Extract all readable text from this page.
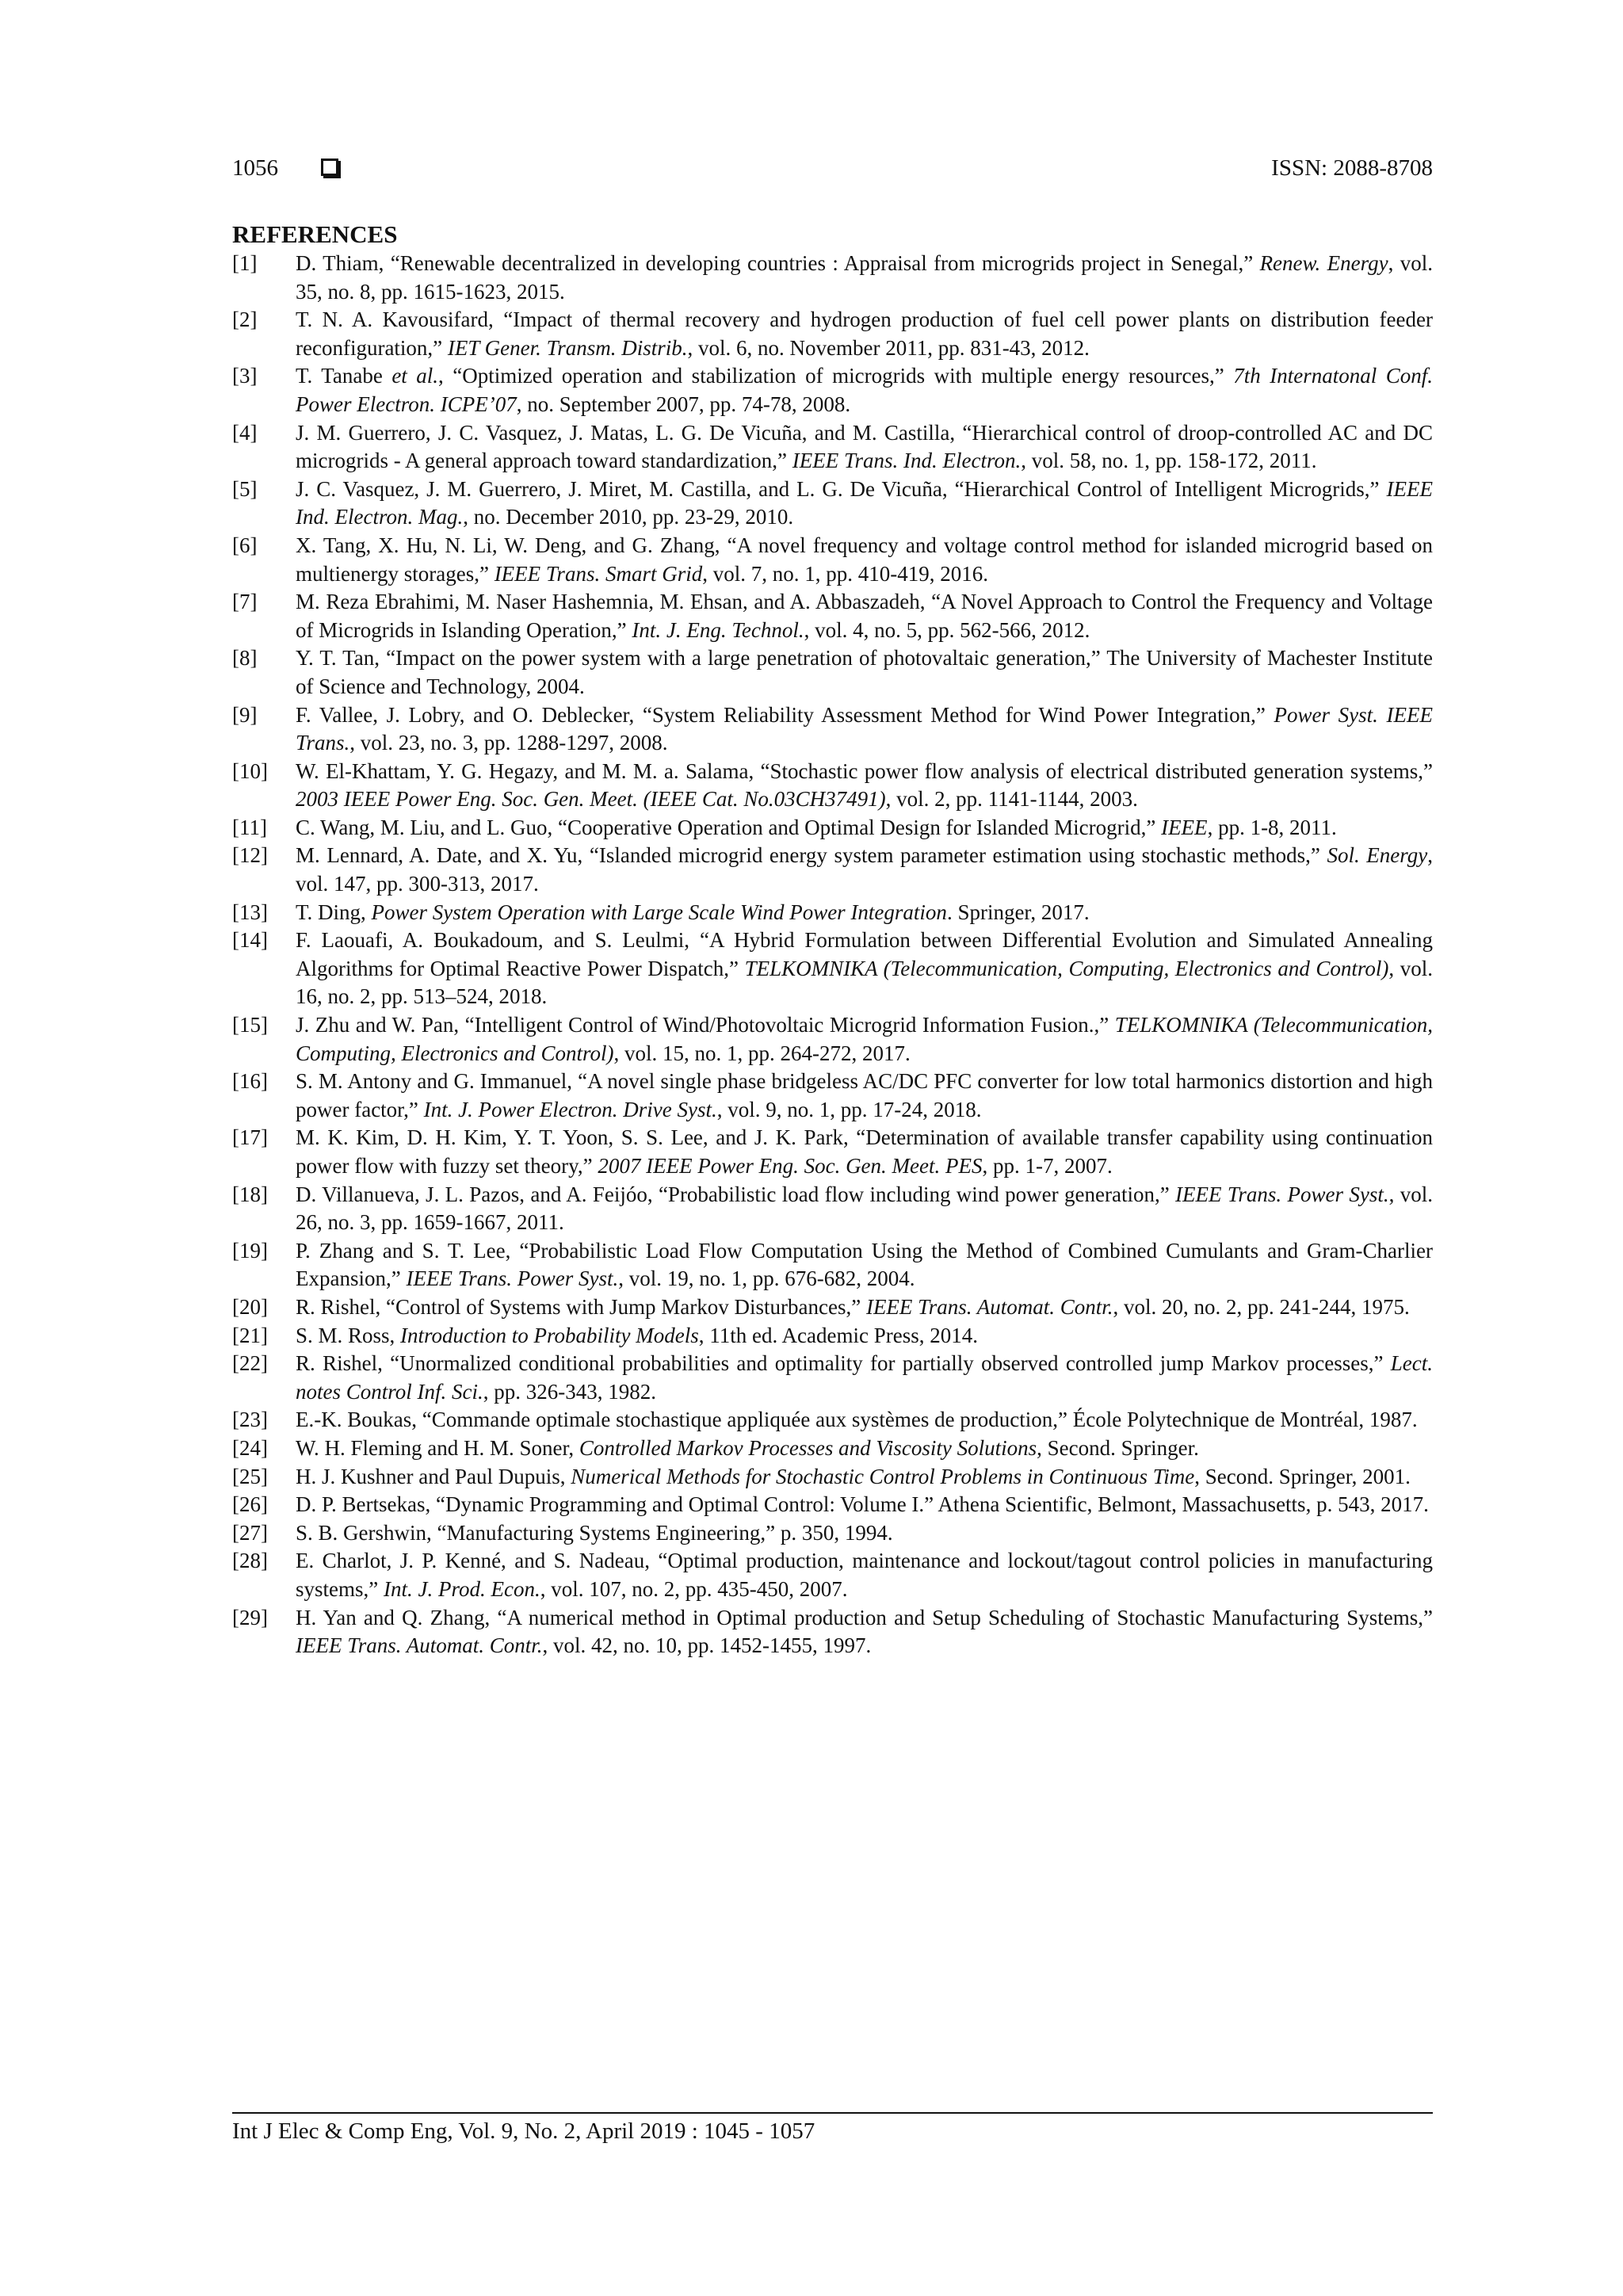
1056	ISSN: 2088-8708
REFERENCES
[1] D. Thiam, “Renewable decentralized in developing countries : Appraisal from microgrids project in Senegal,” Renew. Energy, vol. 35, no. 8, pp. 1615-1623, 2015.
[2] T. N. A. Kavousifard, “Impact of thermal recovery and hydrogen production of fuel cell power plants on distribution feeder reconfiguration,” IET Gener. Transm. Distrib., vol. 6, no. November 2011, pp. 831-43, 2012.
[3] T. Tanabe et al., “Optimized operation and stabilization of microgrids with multiple energy resources,” 7th Internatonal Conf. Power Electron. ICPE’07, no. September 2007, pp. 74-78, 2008.
[4] J. M. Guerrero, J. C. Vasquez, J. Matas, L. G. De Vicuña, and M. Castilla, “Hierarchical control of droop-controlled AC and DC microgrids - A general approach toward standardization,” IEEE Trans. Ind. Electron., vol. 58, no. 1, pp. 158-172, 2011.
[5] J. C. Vasquez, J. M. Guerrero, J. Miret, M. Castilla, and L. G. De Vicuña, “Hierarchical Control of Intelligent Microgrids,” IEEE Ind. Electron. Mag., no. December 2010, pp. 23-29, 2010.
[6] X. Tang, X. Hu, N. Li, W. Deng, and G. Zhang, “A novel frequency and voltage control method for islanded microgrid based on multienergy storages,” IEEE Trans. Smart Grid, vol. 7, no. 1, pp. 410-419, 2016.
[7] M. Reza Ebrahimi, M. Naser Hashemnia, M. Ehsan, and A. Abbaszadeh, “A Novel Approach to Control the Frequency and Voltage of Microgrids in Islanding Operation,” Int. J. Eng. Technol., vol. 4, no. 5, pp. 562-566, 2012.
[8] Y. T. Tan, “Impact on the power system with a large penetration of photovaltaic generation,” The University of Machester Institute of Science and Technology, 2004.
[9] F. Vallee, J. Lobry, and O. Deblecker, “System Reliability Assessment Method for Wind Power Integration,” Power Syst. IEEE Trans., vol. 23, no. 3, pp. 1288-1297, 2008.
[10] W. El-Khattam, Y. G. Hegazy, and M. M. a. Salama, “Stochastic power flow analysis of electrical distributed generation systems,” 2003 IEEE Power Eng. Soc. Gen. Meet. (IEEE Cat. No.03CH37491), vol. 2, pp. 1141-1144, 2003.
[11] C. Wang, M. Liu, and L. Guo, “Cooperative Operation and Optimal Design for Islanded Microgrid,” IEEE, pp. 1-8, 2011.
[12] M. Lennard, A. Date, and X. Yu, “Islanded microgrid energy system parameter estimation using stochastic methods,” Sol. Energy, vol. 147, pp. 300-313, 2017.
[13] T. Ding, Power System Operation with Large Scale Wind Power Integration. Springer, 2017.
[14] F. Laouafi, A. Boukadoum, and S. Leulmi, “A Hybrid Formulation between Differential Evolution and Simulated Annealing Algorithms for Optimal Reactive Power Dispatch,” TELKOMNIKA (Telecommunication, Computing, Electronics and Control), vol. 16, no. 2, pp. 513–524, 2018.
[15] J. Zhu and W. Pan, “Intelligent Control of Wind/Photovoltaic Microgrid Information Fusion.,” TELKOMNIKA (Telecommunication, Computing, Electronics and Control), vol. 15, no. 1, pp. 264-272, 2017.
[16] S. M. Antony and G. Immanuel, “A novel single phase bridgeless AC/DC PFC converter for low total harmonics distortion and high power factor,” Int. J. Power Electron. Drive Syst., vol. 9, no. 1, pp. 17-24, 2018.
[17] M. K. Kim, D. H. Kim, Y. T. Yoon, S. S. Lee, and J. K. Park, “Determination of available transfer capability using continuation power flow with fuzzy set theory,” 2007 IEEE Power Eng. Soc. Gen. Meet. PES, pp. 1-7, 2007.
[18] D. Villanueva, J. L. Pazos, and A. Feijóo, “Probabilistic load flow including wind power generation,” IEEE Trans. Power Syst., vol. 26, no. 3, pp. 1659-1667, 2011.
[19] P. Zhang and S. T. Lee, “Probabilistic Load Flow Computation Using the Method of Combined Cumulants and Gram-Charlier Expansion,” IEEE Trans. Power Syst., vol. 19, no. 1, pp. 676-682, 2004.
[20] R. Rishel, “Control of Systems with Jump Markov Disturbances,” IEEE Trans. Automat. Contr., vol. 20, no. 2, pp. 241-244, 1975.
[21] S. M. Ross, Introduction to Probability Models, 11th ed. Academic Press, 2014.
[22] R. Rishel, “Unormalized conditional probabilities and optimality for partially observed controlled jump Markov processes,” Lect. notes Control Inf. Sci., pp. 326-343, 1982.
[23] E.-K. Boukas, “Commande optimale stochastique appliquée aux systèmes de production,” École Polytechnique de Montréal, 1987.
[24] W. H. Fleming and H. M. Soner, Controlled Markov Processes and Viscosity Solutions, Second. Springer.
[25] H. J. Kushner and Paul Dupuis, Numerical Methods for Stochastic Control Problems in Continuous Time, Second. Springer, 2001.
[26] D. P. Bertsekas, “Dynamic Programming and Optimal Control: Volume I.” Athena Scientific, Belmont, Massachusetts, p. 543, 2017.
[27] S. B. Gershwin, “Manufacturing Systems Engineering,” p. 350, 1994.
[28] E. Charlot, J. P. Kenné, and S. Nadeau, “Optimal production, maintenance and lockout/tagout control policies in manufacturing systems,” Int. J. Prod. Econ., vol. 107, no. 2, pp. 435-450, 2007.
[29] H. Yan and Q. Zhang, “A numerical method in Optimal production and Setup Scheduling of Stochastic Manufacturing Systems,” IEEE Trans. Automat. Contr., vol. 42, no. 10, pp. 1452-1455, 1997.
Int J Elec & Comp Eng, Vol. 9, No. 2, April 2019 : 1045 - 1057
